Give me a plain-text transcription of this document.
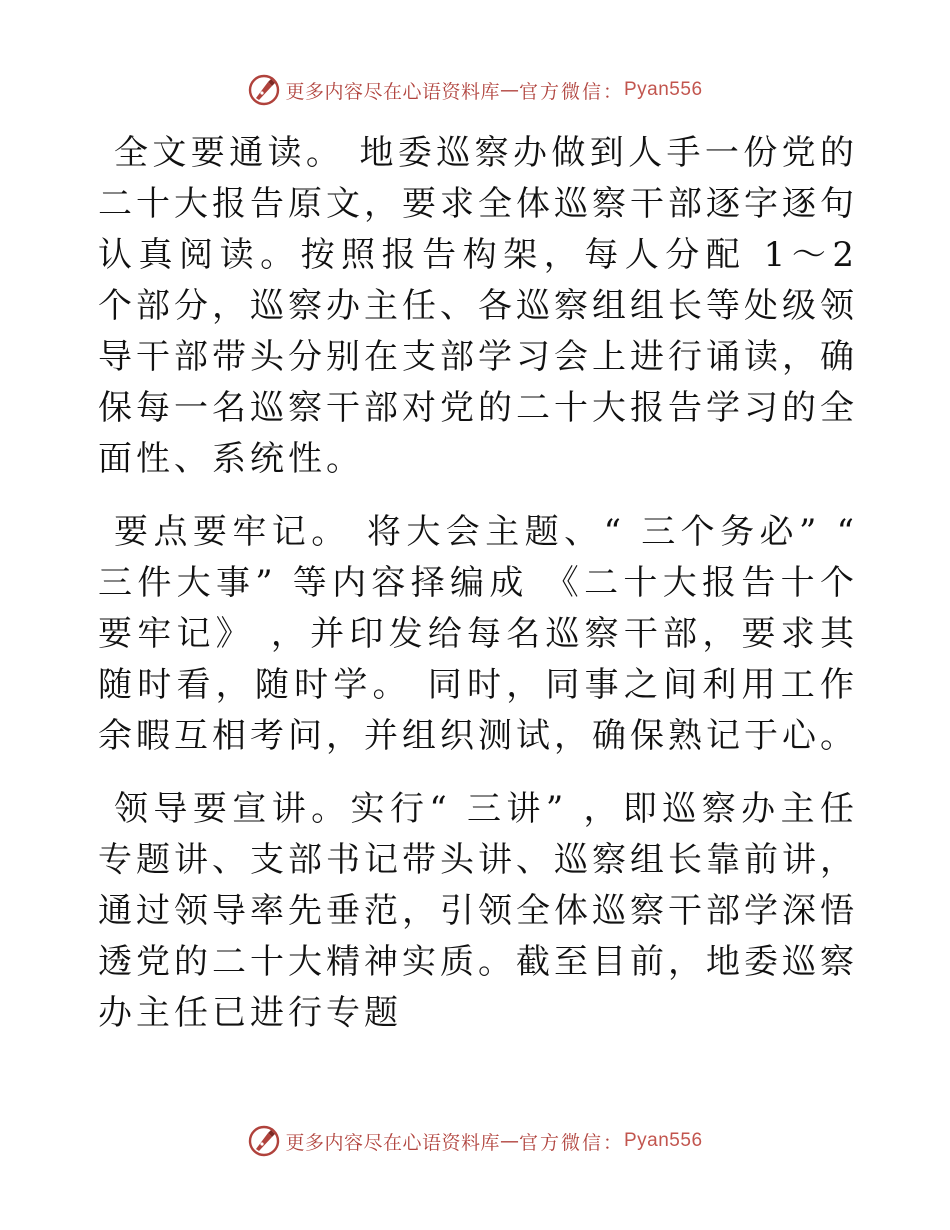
更多内容尽在心语资料库 — 官方微信： Pyan556

全文要通读。 地委巡察办做到人手一份党的二十大报告原文，要求全体巡察干部逐字逐句认真阅读。按照报告构架，每人分配 1～2 个部分，巡察办主任、各巡察组组长等处级领导干部带头分别在支部学习会上进行诵读，确保每一名巡察干部对党的二十大报告学习的全面性、系统性。

要点要牢记。 将大会主题、“ 三个务必” “ 三件大事” 等内容择编成 《二十大报告十个要牢记》 ，并印发给每名巡察干部，要求其随时看，随时学。 同时，同事之间利用工作余暇互相考问，并组织测试，确保熟记于心。

领导要宣讲。实行“ 三讲” ，即巡察办主任专题讲、支部书记带头讲、巡察组长靠前讲，通过领导率先垂范，引领全体巡察干部学深悟透党的二十大精神实质。截至目前，地委巡察办主任已进行专题

更多内容尽在心语资料库 — 官方微信： Pyan556
